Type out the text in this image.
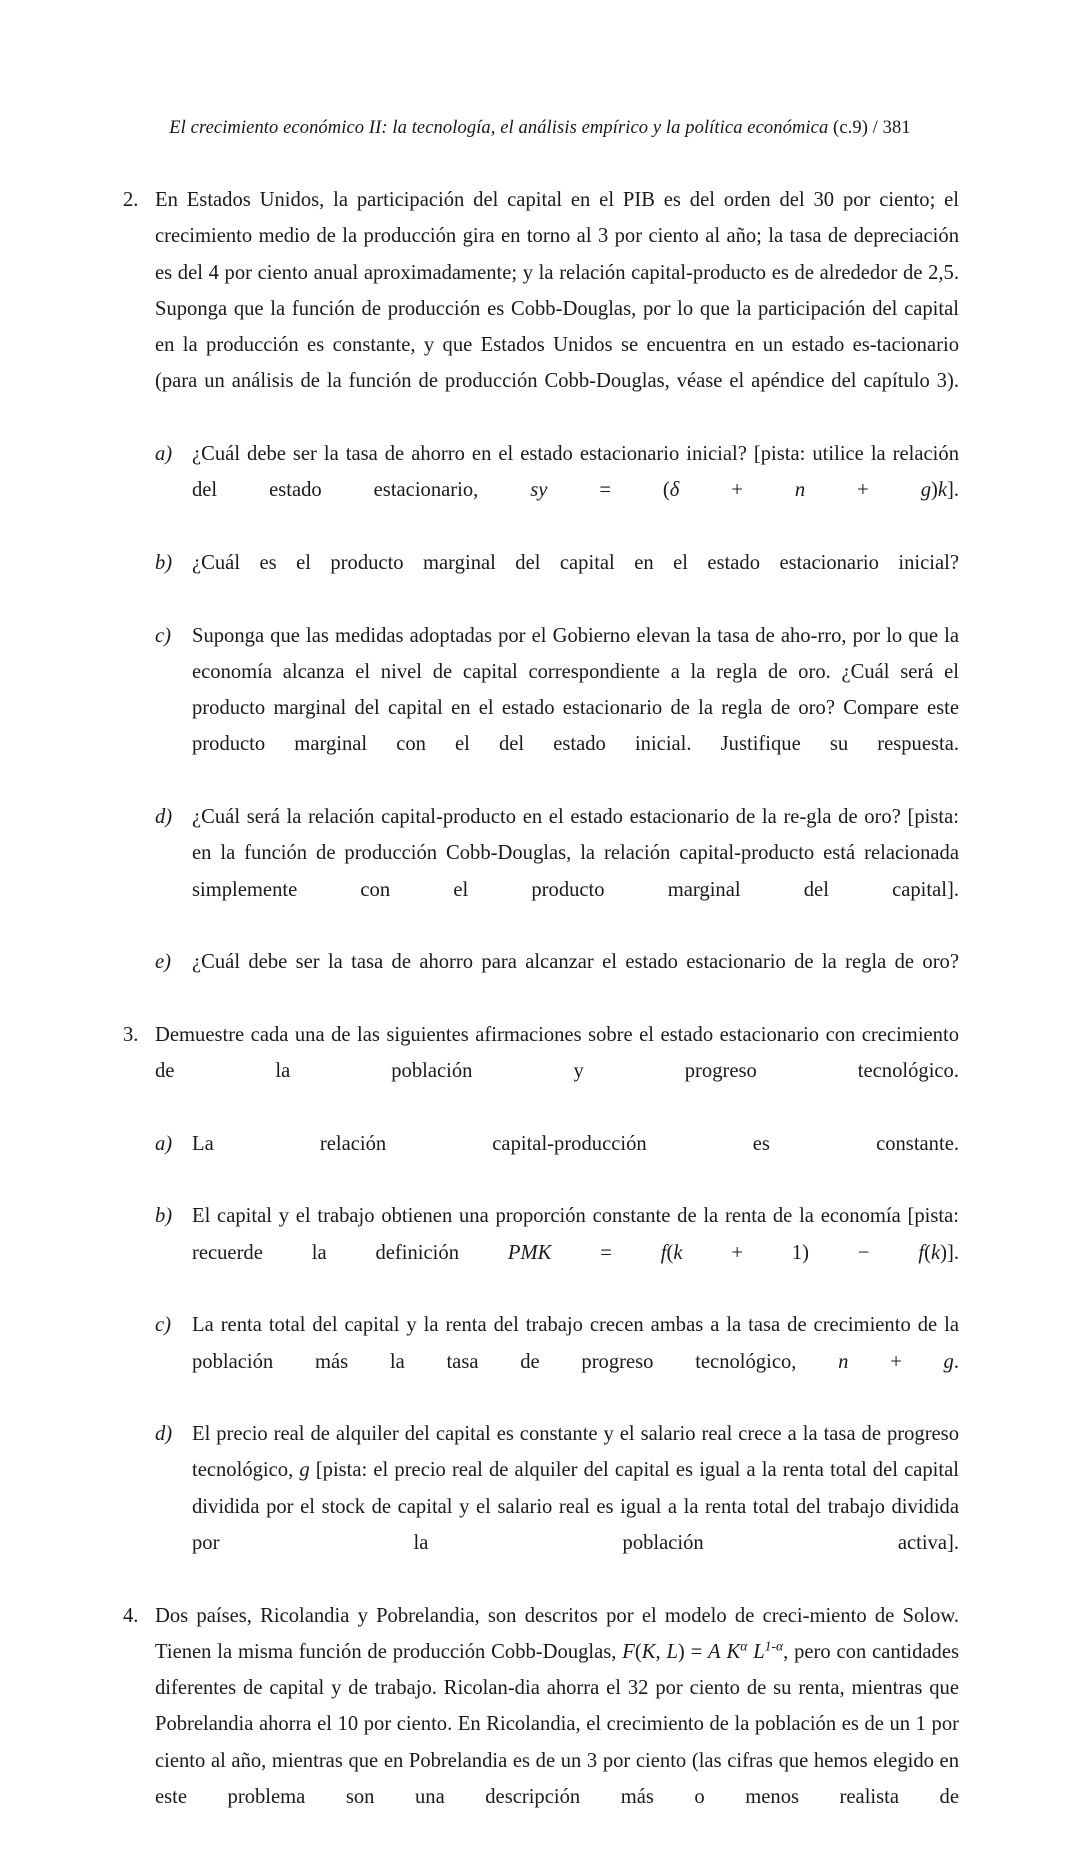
El crecimiento económico II: la tecnología, el análisis empírico y la política económica (c.9) / 381
2. En Estados Unidos, la participación del capital en el PIB es del orden del 30 por ciento; el crecimiento medio de la producción gira en torno al 3 por ciento al año; la tasa de depreciación es del 4 por ciento anual aproximadamente; y la relación capital-producto es de alrededor de 2,5. Suponga que la función de producción es Cobb-Douglas, por lo que la participación del capital en la producción es constante, y que Estados Unidos se encuentra en un estado es-tacionario (para un análisis de la función de producción Cobb-Douglas, véase el apéndice del capítulo 3).

a) ¿Cuál debe ser la tasa de ahorro en el estado estacionario inicial? [pista: utilice la relación del estado estacionario, sy = (δ + n + g)k].

b) ¿Cuál es el producto marginal del capital en el estado estacionario inicial?

c)	Suponga que las medidas adoptadas por el Gobierno elevan la tasa de aho-rro, por lo que la economía alcanza el nivel de capital correspondiente a la regla de oro. ¿Cuál será el producto marginal del capital en el estado estacionario de la regla de oro? Compare este producto marginal con el del estado inicial. Justifique su respuesta.

d) ¿Cuál será la relación capital-producto en el estado estacionario de la re-gla de oro? [pista: en la función de producción Cobb-Douglas, la relación capital-producto está relacionada simplemente con el producto marginal del capital].

e)	¿Cuál debe ser la tasa de ahorro para alcanzar el estado estacionario de la regla de oro?

3. Demuestre cada una de las siguientes afirmaciones sobre el estado estacionario con crecimiento de la población y progreso tecnológico.

a) La relación capital-producción es constante.

b) El capital y el trabajo obtienen una proporción constante de la renta de la economía [pista: recuerde la definición PMK = f(k + 1) − f(k)].

c)	La renta total del capital y la renta del trabajo crecen ambas a la tasa de crecimiento de la población más la tasa de progreso tecnológico, n + g.

d) El precio real de alquiler del capital es constante y el salario real crece a la tasa de progreso tecnológico, g [pista: el precio real de alquiler del capital es igual a la renta total del capital dividida por el stock de capital y el salario real es igual a la renta total del trabajo dividida por la población activa].

4. Dos países, Ricolandia y Pobrelandia, son descritos por el modelo de creci-miento de Solow. Tienen la misma función de producción Cobb-Douglas, F(K, L) = A $K^\alpha$ $L^{1-\alpha}$, pero con cantidades diferentes de capital y de trabajo. Ricolan-dia ahorra el 32 por ciento de su renta, mientras que Pobrelandia ahorra el 10 por ciento. En Ricolandia, el crecimiento de la población es de un 1 por ciento al año, mientras que en Pobrelandia es de un 3 por ciento (las cifras que hemos elegido en este problema son una descripción más o menos realista de
